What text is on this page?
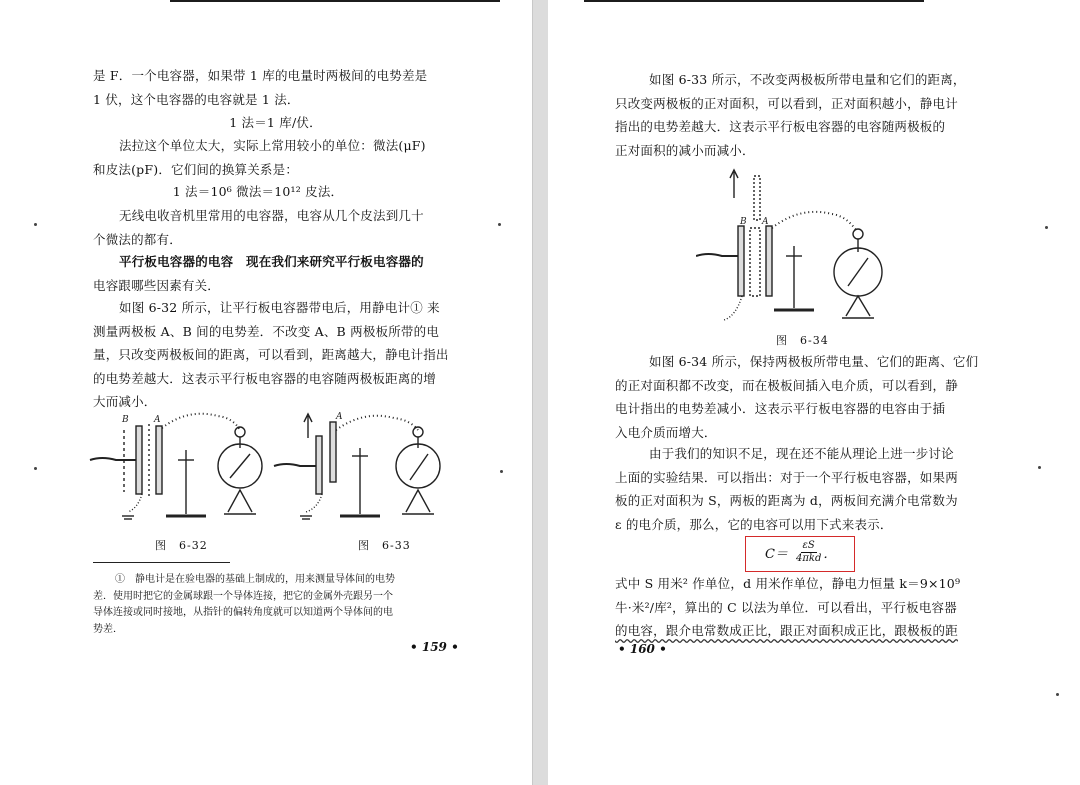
是 F．一个电容器，如果带 1 库的电量时两极间的电势差是
1 伏，这个电容器的电容就是 1 法．
1 法＝1 库/伏．
法拉这个单位太大，实际上常用较小的单位：微法(μF)
和皮法(pF)．它们间的换算关系是：
1 法＝10⁶ 微法＝10¹² 皮法．
无线电收音机里常用的电容器，电容从几个皮法到几十
个微法的都有．
平行板电容器的电容　现在我们来研究平行板电容器的
电容跟哪些因素有关．
如图 6-32 所示，让平行板电容器带电后，用静电计① 来
测量两极板 A、B 间的电势差．不改变 A、B 两极板所带的电
量，只改变两极板间的距离，可以看到，距离越大，静电计指出
的电势差越大．这表示平行板电容器的电容随两极板距离的增
大而减小．
B	A	A
图　6-32	图　6-33
①　静电计是在验电器的基础上制成的，用来测量导体间的电势
差．使用时把它的金属球跟一个导体连接，把它的金属外壳跟另一个
导体连接或同时接地，从指针的偏转角度就可以知道两个导体间的电
势差．
• 159 •
如图 6-33 所示，不改变两极板所带电量和它们的距离，
只改变两极板的正对面积，可以看到，正对面积越小，静电计
指出的电势差越大．这表示平行板电容器的电容随两极板的
正对面积的减小而减小．
B A
图　6-34
如图 6-34 所示，保持两极板所带电量、它们的距离、它们
的正对面积都不改变，而在极板间插入电介质，可以看到，静
电计指出的电势差减小．这表示平行板电容器的电容由于插
入电介质而增大．
由于我们的知识不足，现在还不能从理论上进一步讨论
上面的实验结果．可以指出：对于一个平行板电容器，如果两
板的正对面积为 S，两板的距离为 d，两板间充满介电常数为
ε 的电介质，那么，它的电容可以用下式来表示．
式中 S 用米² 作单位，d 用米作单位，静电力恒量 k＝9×10⁹
牛·米²/库²，算出的 C 以法为单位．可以看出，平行板电容器
的电容，跟介电常数成正比，跟正对面积成正比，跟极板的距
• 160 •
$C= \frac{\varepsilon S}{\text{4πkd}}$ ．
